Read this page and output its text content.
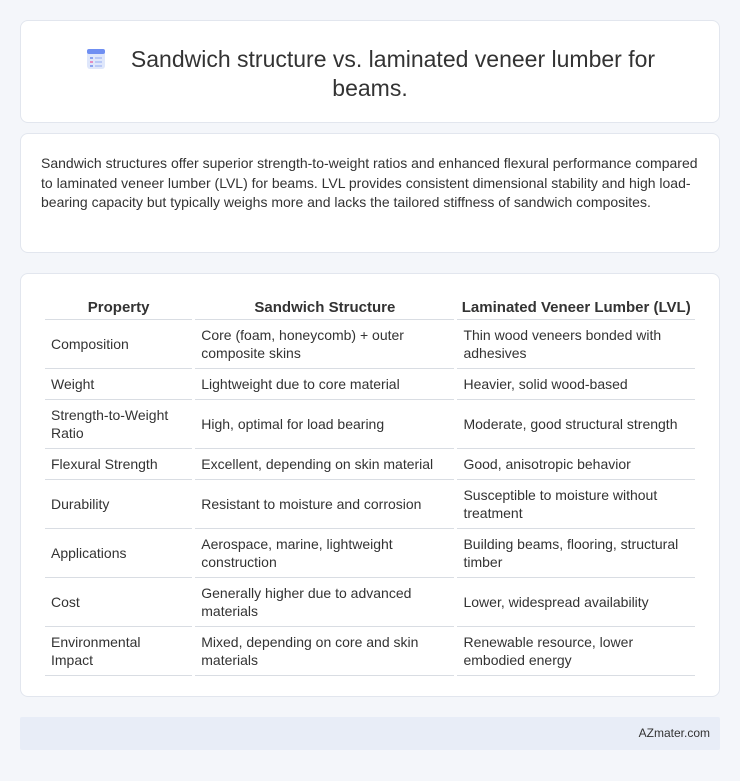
Sandwich structure vs. laminated veneer lumber for beams.

Sandwich structures offer superior strength-to-weight ratios and enhanced flexural performance compared to laminated veneer lumber (LVL) for beams. LVL provides consistent dimensional stability and high load-bearing capacity but typically weighs more and lacks the tailored stiffness of sandwich composites.

Property	Sandwich Structure	Laminated Veneer Lumber (LVL)
Composition	Core (foam, honeycomb) + outer composite skins	Thin wood veneers bonded with adhesives
Weight	Lightweight due to core material	Heavier, solid wood-based
Strength-to-Weight Ratio	High, optimal for load bearing	Moderate, good structural strength
Flexural Strength	Excellent, depending on skin material	Good, anisotropic behavior
Durability	Resistant to moisture and corrosion	Susceptible to moisture without treatment
Applications	Aerospace, marine, lightweight construction	Building beams, flooring, structural timber
Cost	Generally higher due to advanced materials	Lower, widespread availability
Environmental Impact	Mixed, depending on core and skin materials	Renewable resource, lower embodied energy
AZmater.com
